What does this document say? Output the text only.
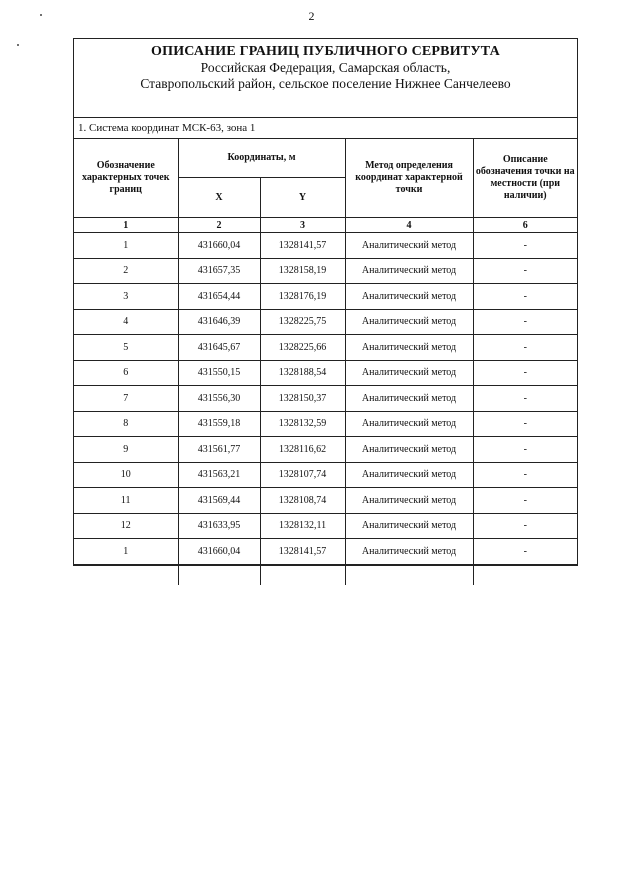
2
ОПИСАНИЕ ГРАНИЦ ПУБЛИЧНОГО СЕРВИТУТА
Российская Федерация, Самарская область,
Ставропольский район, сельское поселение Нижнее Санчелеево
1. Система координат МСК-63, зона 1
Обозначение характерных точек границ	Координаты, м		Метод определения координат характерной точки	Описание обозначения точки на местности (при наличии)
	X	Y		
1	2	3	4	6
1	431660,04	1328141,57	Аналитический метод	-
2	431657,35	1328158,19	Аналитический метод	-
3	431654,44	1328176,19	Аналитический метод	-
4	431646,39	1328225,75	Аналитический метод	-
5	431645,67	1328225,66	Аналитический метод	-
6	431550,15	1328188,54	Аналитический метод	-
7	431556,30	1328150,37	Аналитический метод	-
8	431559,18	1328132,59	Аналитический метод	-
9	431561,77	1328116,62	Аналитический метод	-
10	431563,21	1328107,74	Аналитический метод	-
11	431569,44	1328108,74	Аналитический метод	-
12	431633,95	1328132,11	Аналитический метод	-
1	431660,04	1328141,57	Аналитический метод	-
